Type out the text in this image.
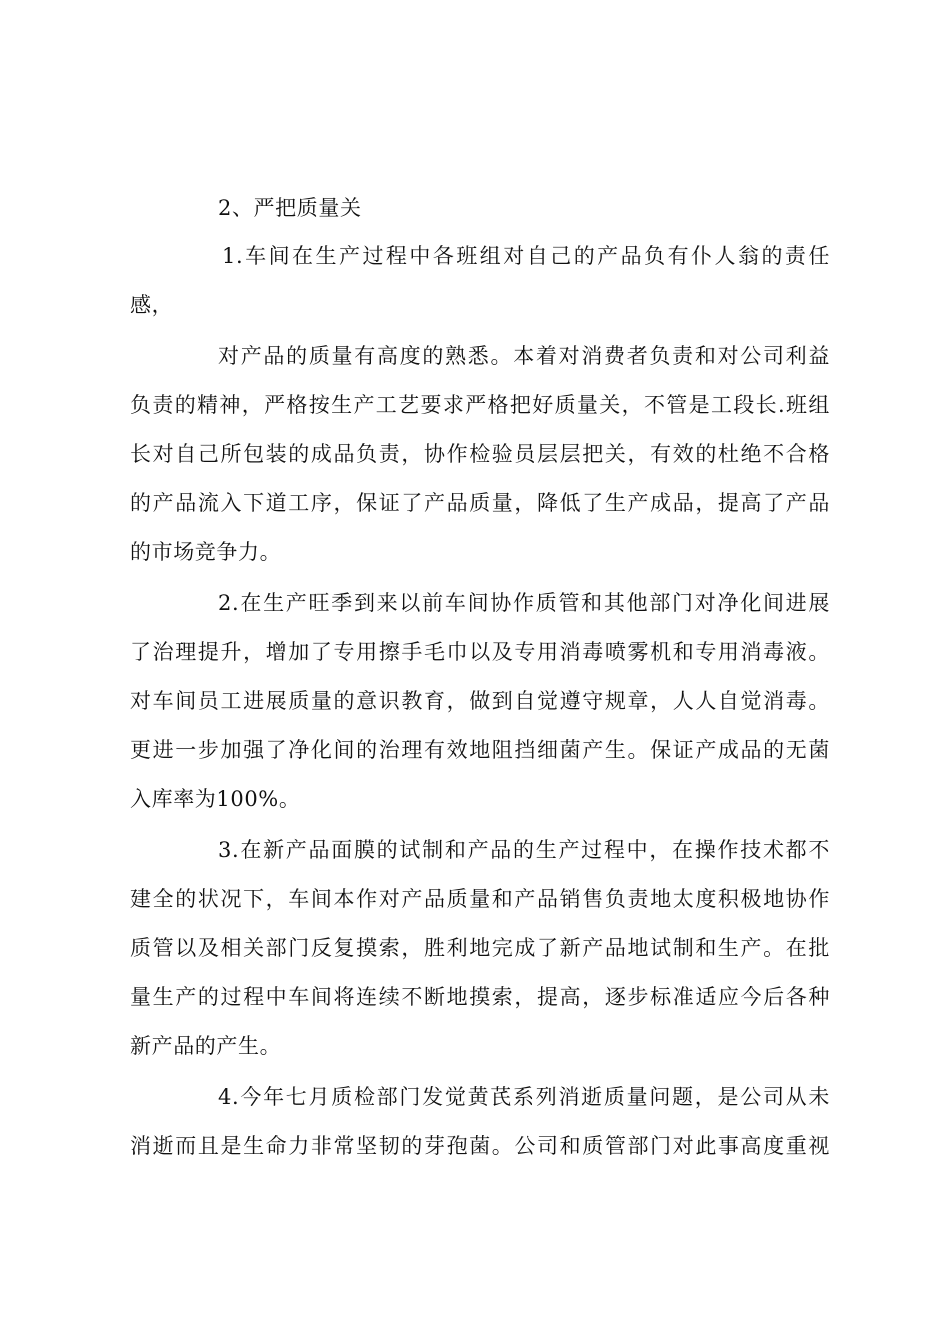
2、严把质量关
1.车间在生产过程中各班组对自己的产品负有仆人翁的责任
感，
对产品的质量有高度的熟悉。本着对消费者负责和对公司利益
负责的精神，严格按生产工艺要求严格把好质量关，不管是工段长.班组
长对自己所包装的成品负责，协作检验员层层把关，有效的杜绝不合格
的产品流入下道工序，保证了产品质量，降低了生产成品，提高了产品
的市场竞争力。
2.在生产旺季到来以前车间协作质管和其他部门对净化间进展
了治理提升，增加了专用擦手毛巾以及专用消毒喷雾机和专用消毒液。
对车间员工进展质量的意识教育，做到自觉遵守规章，人人自觉消毒。
更进一步加强了净化间的治理有效地阻挡细菌产生。保证产成品的无菌
入库率为100%。
3.在新产品面膜的试制和产品的生产过程中，在操作技术都不
建全的状况下，车间本作对产品质量和产品销售负责地太度积极地协作
质管以及相关部门反复摸索，胜利地完成了新产品地试制和生产。在批
量生产的过程中车间将连续不断地摸索，提高，逐步标准适应今后各种
新产品的产生。
4.今年七月质检部门发觉黄芪系列消逝质量问题，是公司从未
消逝而且是生命力非常坚韧的芽孢菌。公司和质管部门对此事高度重视
